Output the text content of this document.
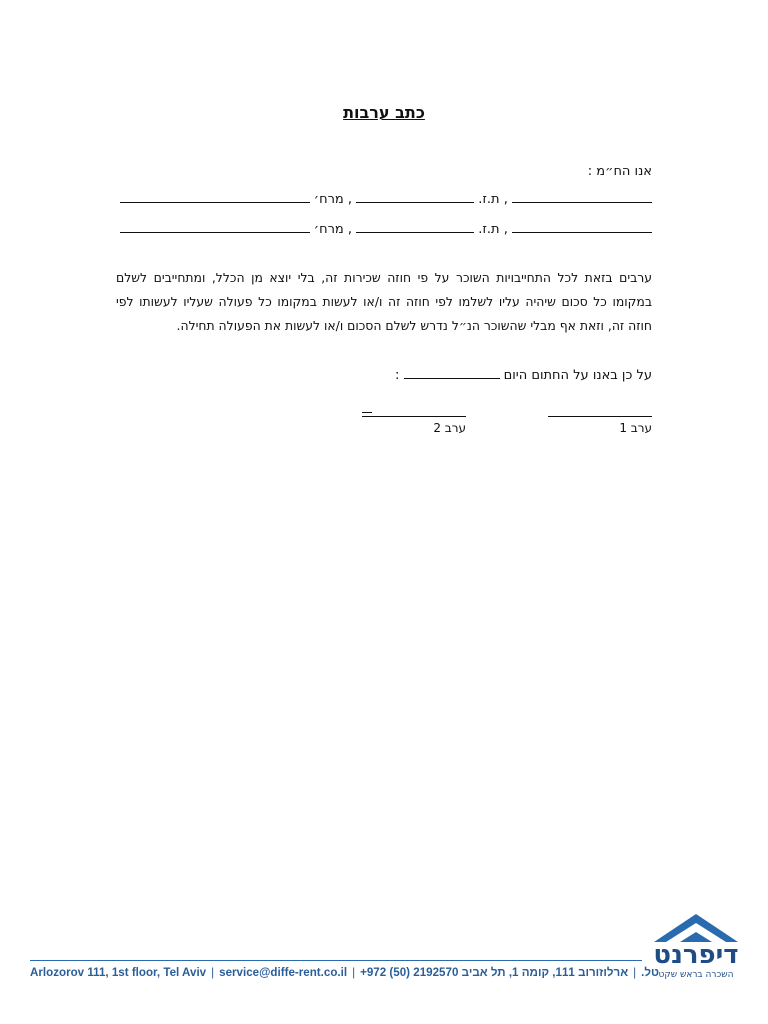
כתב ערבות
אנו הח״מ :
, ת.ז.  , מרח׳
, ת.ז.  , מרח׳
ערבים בזאת לכל התחייבויות השוכר על פי חוזה שכירות זה, בלי יוצא מן הכלל, ומתחייבים לשלם במקומו כל סכום שיהיה עליו לשלמו לפי חוזה זה ו/או לעשות במקומו כל פעולה שעליו לעשותו לפי חוזה זה, וזאת אף מבלי שהשוכר הנ״ל נדרש לשלם הסכום ו/או לעשות את הפעולה תחילה.
על כן באנו על החתום היום  :
ערב 1
ערב 2
Arlozorov 111, 1st floor, Tel Aviv | service@diffe-rent.co.il | +972 (50) 2192570	טל.|ארלוזורוב 111, קומה 1, תל אביב
דיפרנט
השכרה בראש שקט
